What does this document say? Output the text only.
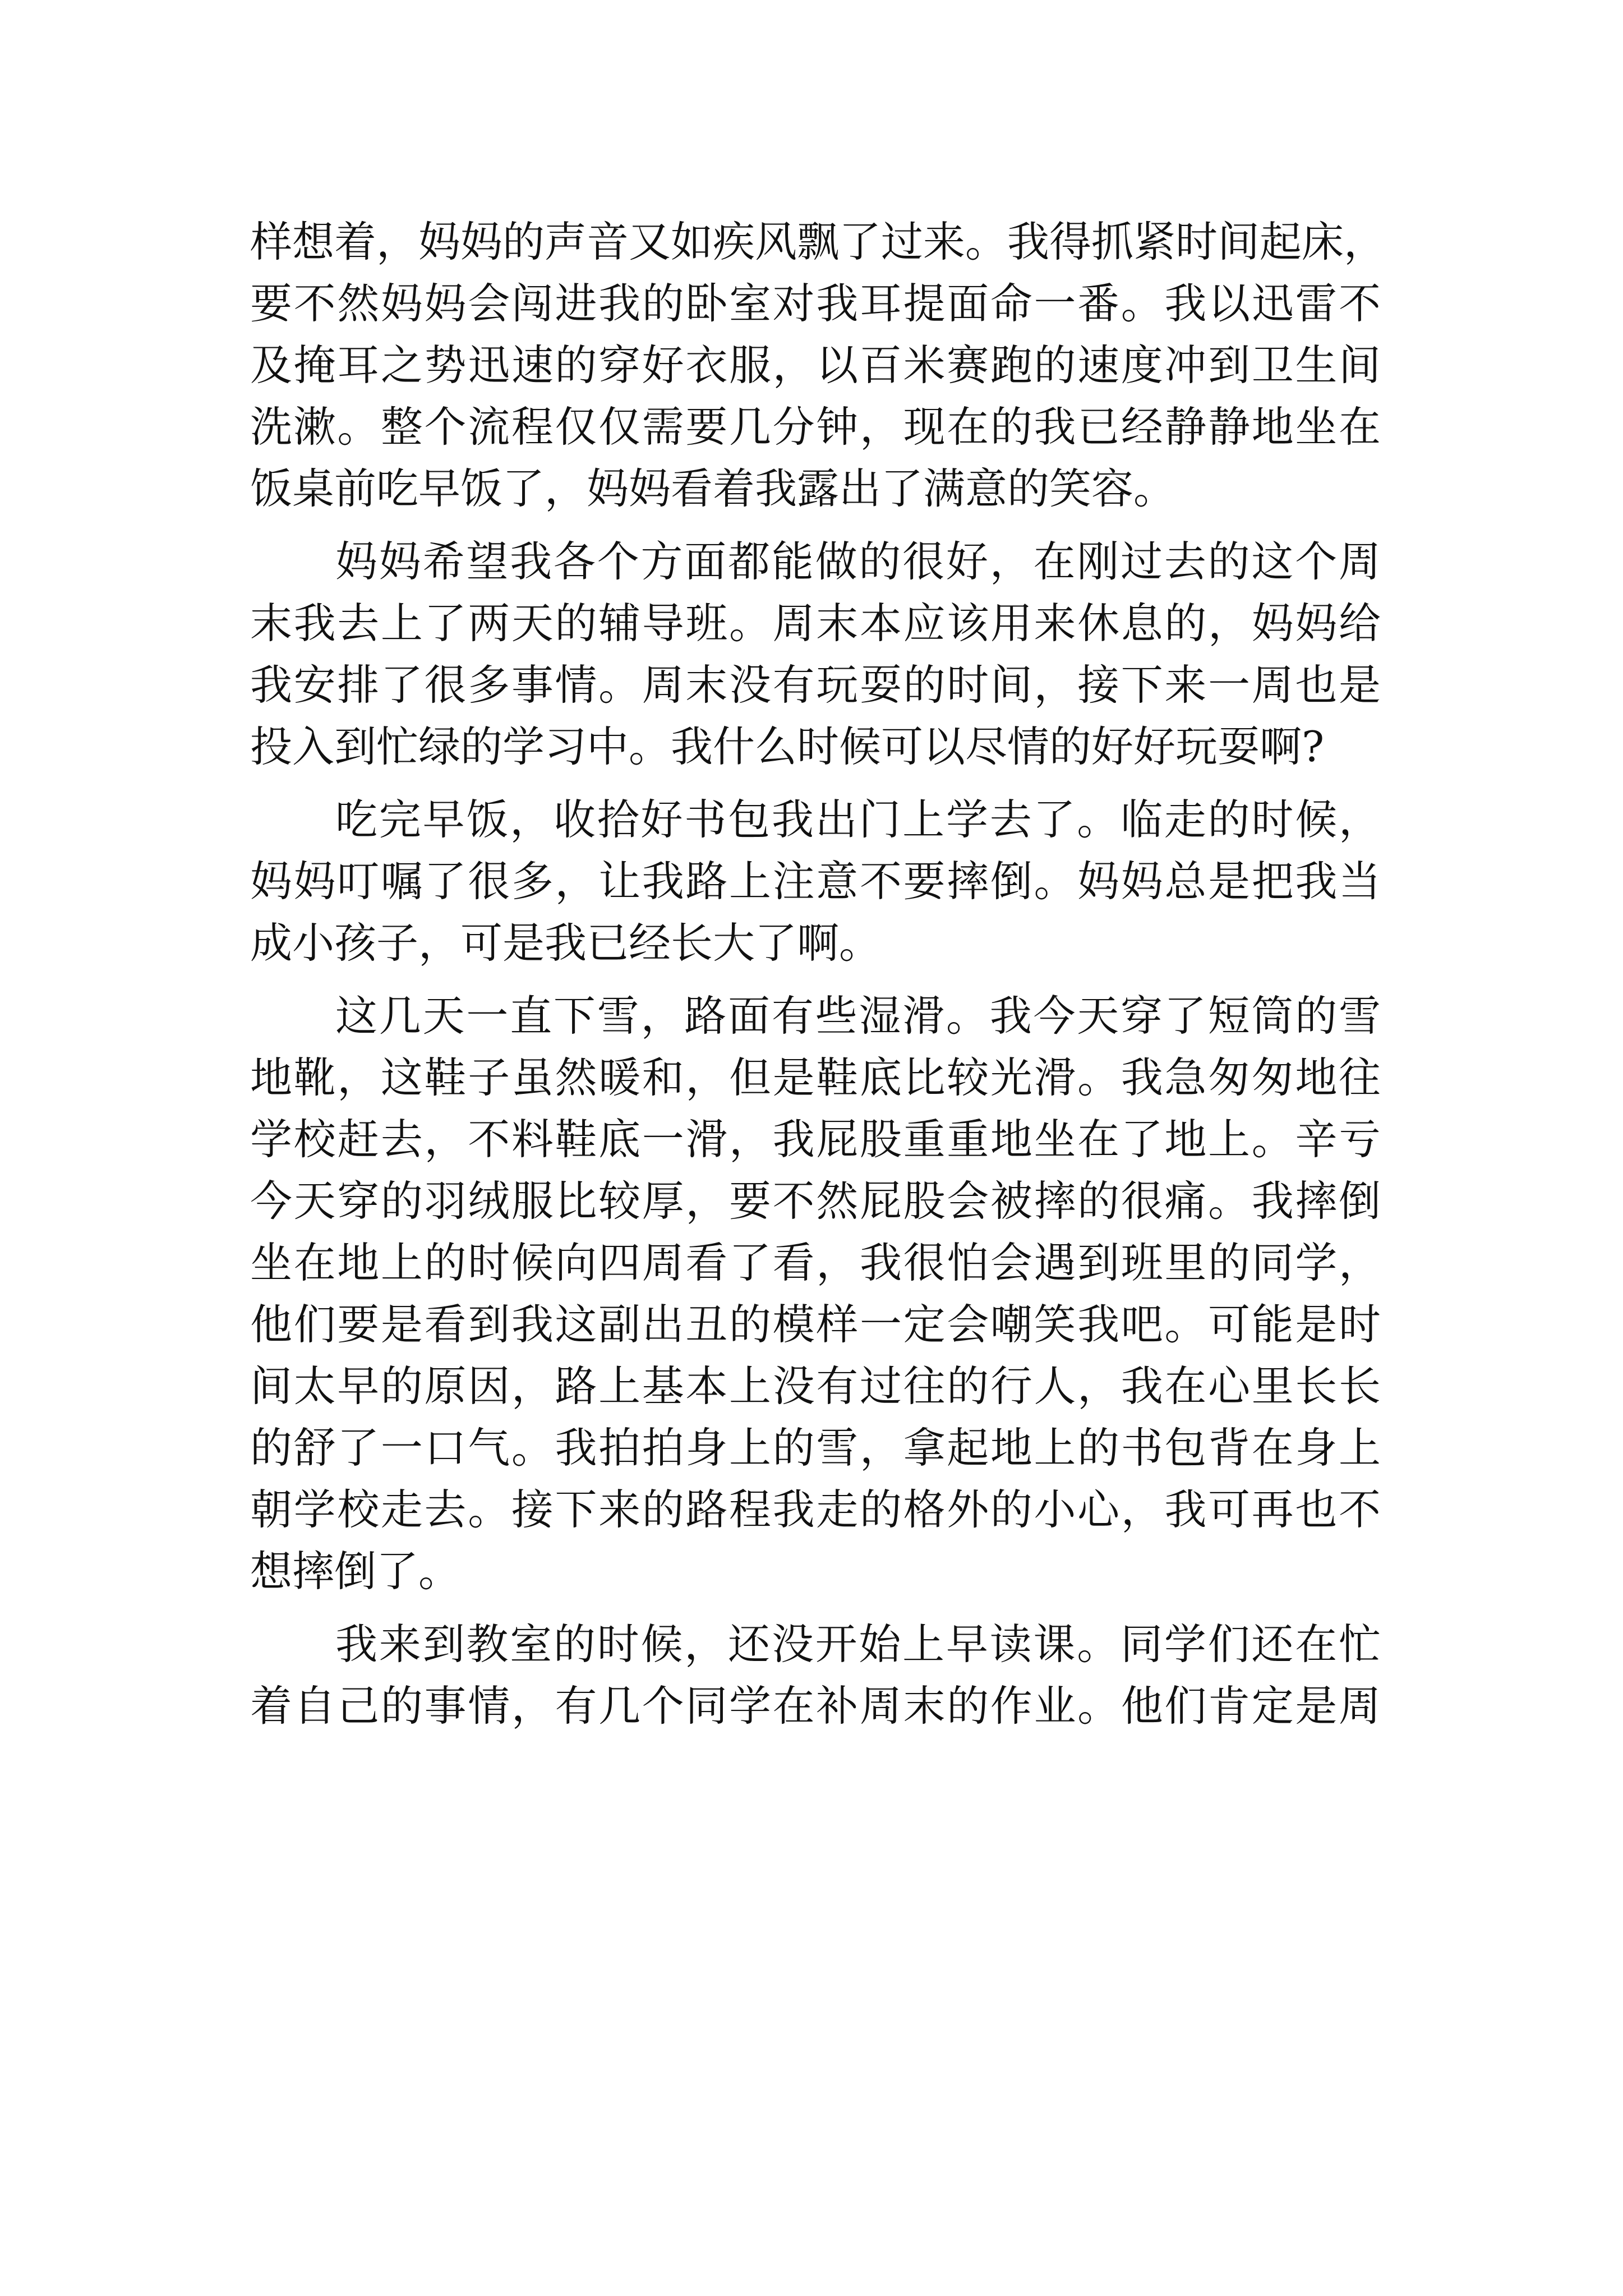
样想着，妈妈的声音又如疾风飘了过来。我得抓紧时间起床，
要不然妈妈会闯进我的卧室对我耳提面命一番。我以迅雷不
及掩耳之势迅速的穿好衣服，以百米赛跑的速度冲到卫生间
洗漱。整个流程仅仅需要几分钟，现在的我已经静静地坐在
饭桌前吃早饭了，妈妈看着我露出了满意的笑容。
妈妈希望我各个方面都能做的很好，在刚过去的这个周
末我去上了两天的辅导班。周末本应该用来休息的，妈妈给
我安排了很多事情。周末没有玩耍的时间，接下来一周也是
投入到忙绿的学习中。我什么时候可以尽情的好好玩耍啊?
吃完早饭，收拾好书包我出门上学去了。临走的时候，
妈妈叮嘱了很多，让我路上注意不要摔倒。妈妈总是把我当
成小孩子，可是我已经长大了啊。
这几天一直下雪，路面有些湿滑。我今天穿了短筒的雪
地靴，这鞋子虽然暖和，但是鞋底比较光滑。我急匆匆地往
学校赶去，不料鞋底一滑，我屁股重重地坐在了地上。辛亏
今天穿的羽绒服比较厚，要不然屁股会被摔的很痛。我摔倒
坐在地上的时候向四周看了看，我很怕会遇到班里的同学，
他们要是看到我这副出丑的模样一定会嘲笑我吧。可能是时
间太早的原因，路上基本上没有过往的行人，我在心里长长
的舒了一口气。我拍拍身上的雪，拿起地上的书包背在身上
朝学校走去。接下来的路程我走的格外的小心，我可再也不
想摔倒了。
我来到教室的时候，还没开始上早读课。同学们还在忙
着自己的事情，有几个同学在补周末的作业。他们肯定是周
